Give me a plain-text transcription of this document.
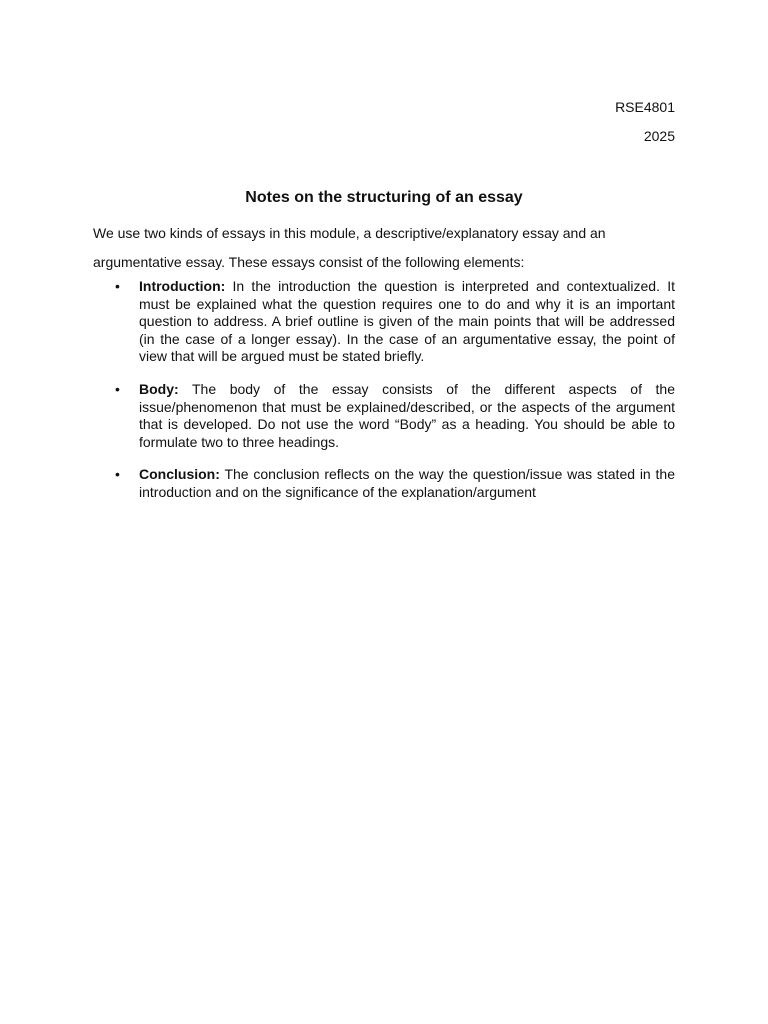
RSE4801
2025
Notes on the structuring of an essay
We use two kinds of essays in this module, a descriptive/explanatory essay and an
argumentative essay. These essays consist of the following elements:
• Introduction: In the introduction the question is interpreted and contextualized. It must be explained what the question requires one to do and why it is an important question to address. A brief outline is given of the main points that will be addressed (in the case of a longer essay). In the case of an argumentative essay, the point of view that will be argued must be stated briefly.
• Body: The body of the essay consists of the different aspects of the issue/phenomenon that must be explained/described, or the aspects of the argument that is developed. Do not use the word “Body” as a heading. You should be able to formulate two to three headings.
• Conclusion: The conclusion reflects on the way the question/issue was stated in the introduction and on the significance of the explanation/argument
